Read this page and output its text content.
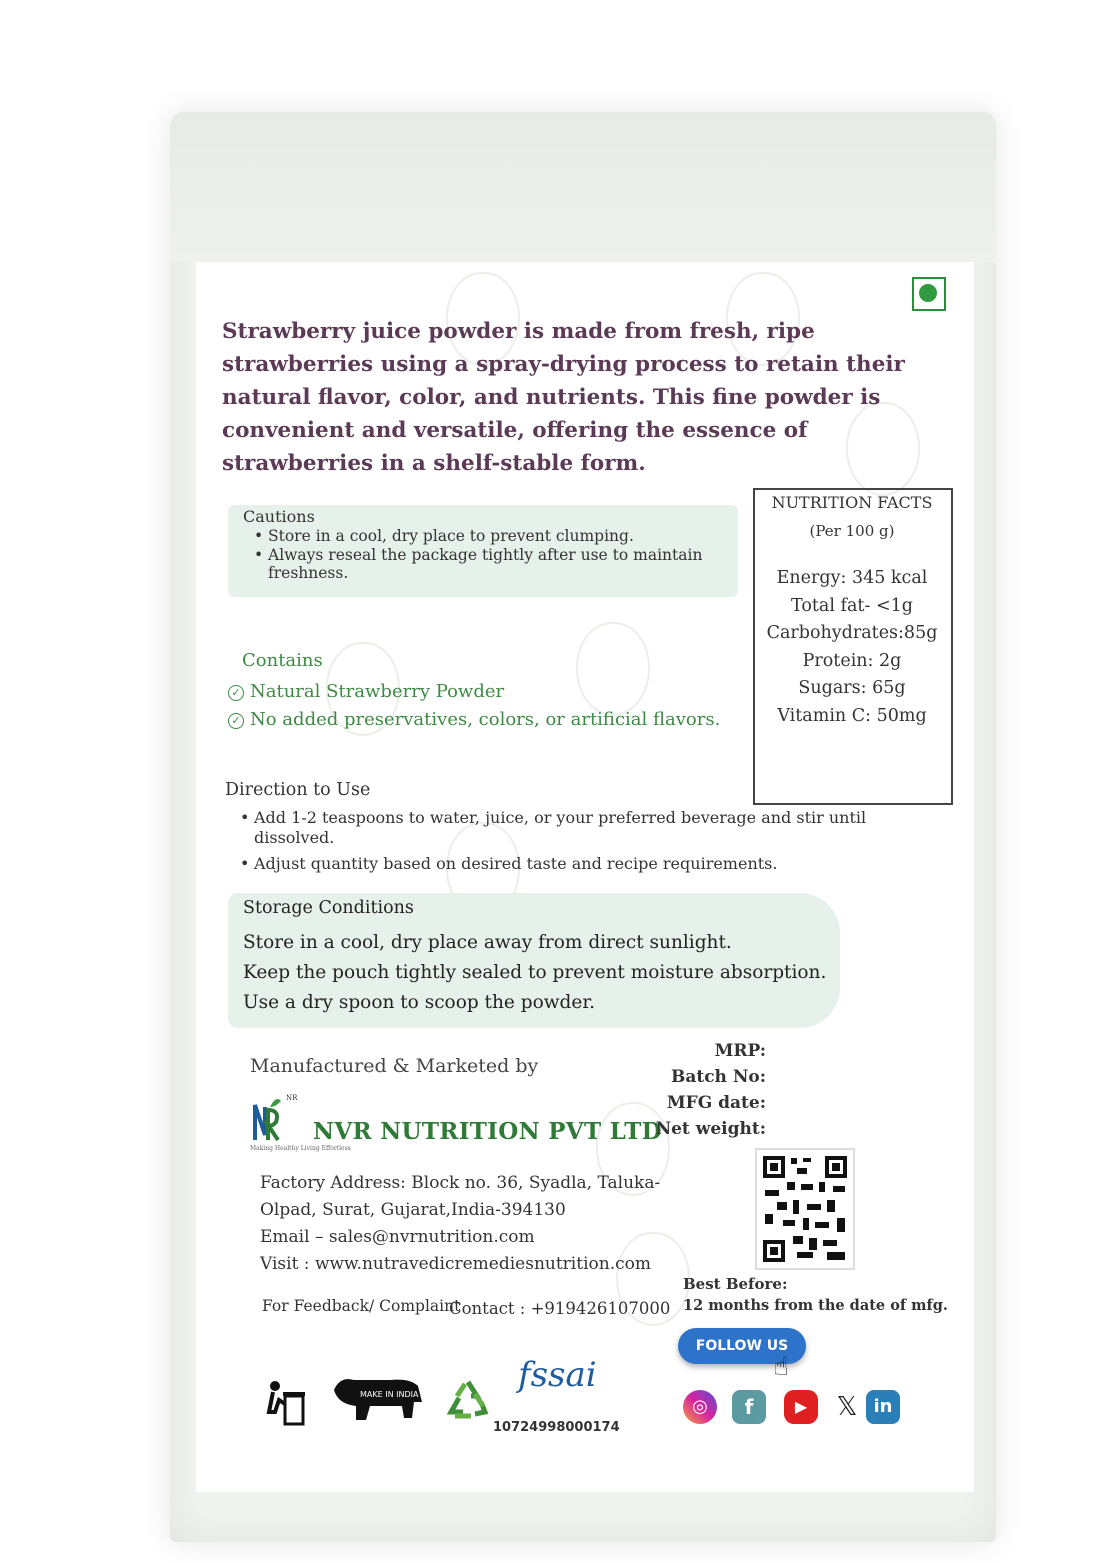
Strawberry juice powder is made from fresh, ripe strawberries using a spray-drying process to retain their natural flavor, color, and nutrients. This fine powder is convenient and versatile, offering the essence of strawberries in a shelf-stable form.
Cautions
• Store in a cool, dry place to prevent clumping.
• Always reseal the package tightly after use to maintain freshness.
NUTRITION FACTS
(Per 100 g)
Energy: 345 kcal
Total fat- <1g
Carbohydrates:85g
Protein: 2g
Sugars: 65g
Vitamin C: 50mg
Contains
✓ Natural Strawberry Powder
✓ No added preservatives, colors, or artificial flavors.
Direction to Use
• Add 1-2 teaspoons to water, juice, or your preferred beverage and stir until dissolved.
• Adjust quantity based on desired taste and recipe requirements.
Storage Conditions
Store in a cool, dry place away from direct sunlight.
Keep the pouch tightly sealed to prevent moisture absorption.
Use a dry spoon to scoop the powder.
Manufactured & Marketed by
NR
Making Healthy Living Effortless
NVR NUTRITION PVT LTD
Factory Address: Block no. 36, Syadla, Taluka-
Olpad, Surat, Gujarat,India-394130
Email – sales@nvrnutrition.com
Visit : www.nutravedicremediesnutrition.com
For Feedback/ Complaint
Contact : +919426107000
MRP:
Batch No:
MFG date:
Net weight:
Best Before:
12 months from the date of mfg.
FOLLOW US
☝
MAKE IN INDIA	fssai
10724998000174
◎	f	▶	𝕏 in
